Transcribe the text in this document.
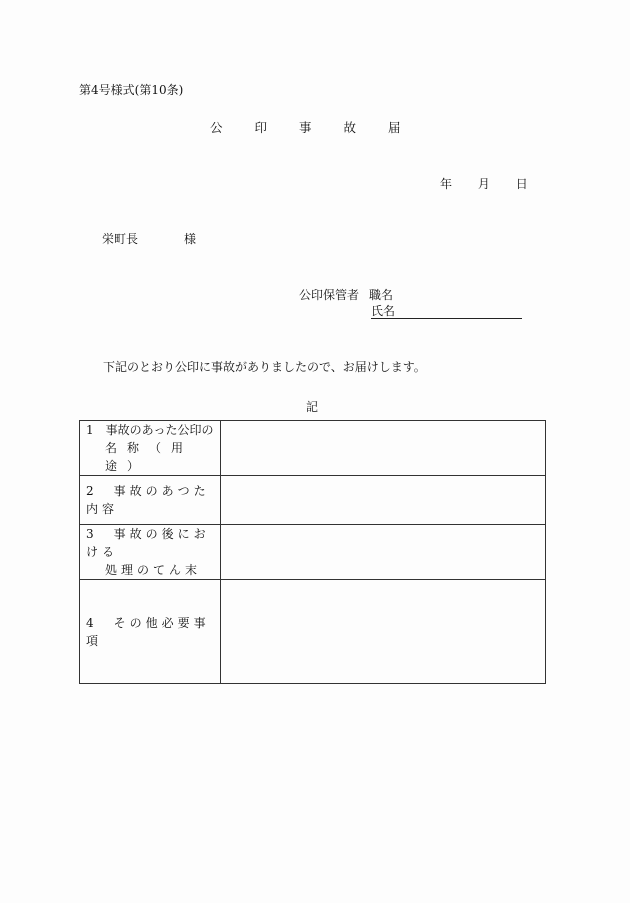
第4号様式(第10条)
公	印	事	故	届
年 月 日
栄町長	様
公印保管者 職名
氏名
下記のとおり公印に事故がありましたので、お届けします。
記
1　事故のあった公印の
名称（用途）	

2　事故のあつた内容	

3　事故の後における
処理のてん末	

4　その他必要事項	
